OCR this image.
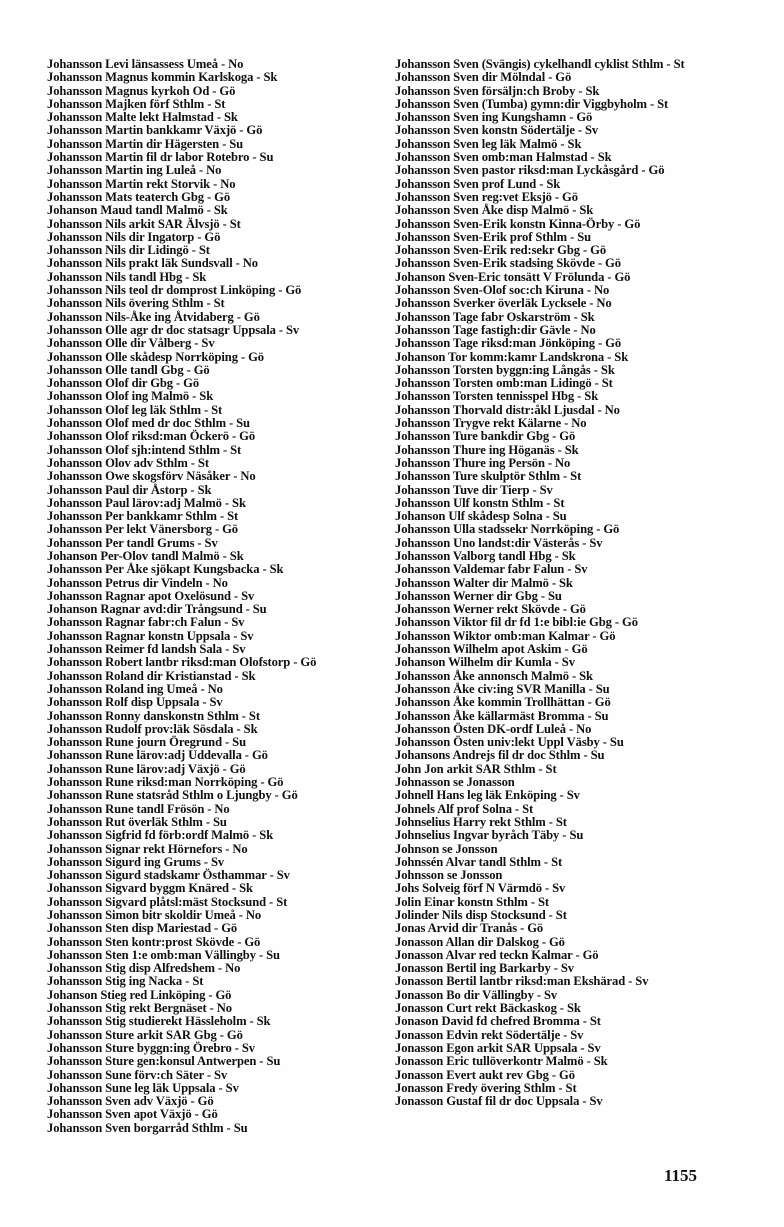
Johansson Levi länsassess Umeå - No
Johansson Magnus kommin Karlskoga - Sk
Johansson Magnus kyrkoh Od - Gö
Johansson Majken förf Sthlm - St
Johansson Malte lekt Halmstad - Sk
Johansson Martin bankkamr Växjö - Gö
Johansson Martin dir Hägersten - Su
Johansson Martin fil dr labor Rotebro - Su
Johansson Martin ing Luleå - No
Johansson Martin rekt Storvik - No
Johansson Mats teaterch Gbg - Gö
Johanson Maud tandl Malmö - Sk
Johansson Nils arkit SAR Älvsjö - St
Johansson Nils dir Ingatorp - Gö
Johansson Nils dir Lidingö - St
Johansson Nils prakt läk Sundsvall - No
Johansson Nils tandl Hbg - Sk
Johansson Nils teol dr domprost Linköping - Gö
Johansson Nils övering Sthlm - St
Johansson Nils-Åke ing Åtvidaberg - Gö
Johansson Olle agr dr doc statsagr Uppsala - Sv
Johansson Olle dir Vålberg - Sv
Johansson Olle skådesp Norrköping - Gö
Johansson Olle tandl Gbg - Gö
Johansson Olof dir Gbg - Gö
Johansson Olof ing Malmö - Sk
Johansson Olof leg läk Sthlm - St
Johansson Olof med dr doc Sthlm - Su
Johansson Olof riksd:man Öckerö - Gö
Johansson Olof sjh:intend Sthlm - St
Johansson Olov adv Sthlm - St
Johansson Owe skogsförv Näsåker - No
Johansson Paul dir Åstorp - Sk
Johansson Paul lärov:adj Malmö - Sk
Johansson Per bankkamr Sthlm - St
Johansson Per lekt Vänersborg - Gö
Johansson Per tandl Grums - Sv
Johanson Per-Olov tandl Malmö - Sk
Johansson Per Åke sjökapt Kungsbacka - Sk
Johansson Petrus dir Vindeln - No
Johansson Ragnar apot Oxelösund - Sv
Johanson Ragnar avd:dir Trångsund - Su
Johansson Ragnar fabr:ch Falun - Sv
Johansson Ragnar konstn Uppsala - Sv
Johansson Reimer fd landsh Sala - Sv
Johansson Robert lantbr riksd:man Olofstorp - Gö
Johansson Roland dir Kristianstad - Sk
Johansson Roland ing Umeå - No
Johansson Rolf disp Uppsala - Sv
Johansson Ronny danskonstn Sthlm - St
Johansson Rudolf prov:läk Sösdala - Sk
Johansson Rune journ Öregrund - Su
Johansson Rune lärov:adj Uddevalla - Gö
Johansson Rune lärov:adj Växjö - Gö
Johansson Rune riksd:man Norrköping - Gö
Johansson Rune statsråd Sthlm o Ljungby - Gö
Johansson Rune tandl Frösön - No
Johansson Rut överläk Sthlm - Su
Johansson Sigfrid fd förb:ordf Malmö - Sk
Johansson Signar rekt Hörnefors - No
Johansson Sigurd ing Grums - Sv
Johansson Sigurd stadskamr Östhammar - Sv
Johansson Sigvard byggm Knäred - Sk
Johansson Sigvard plåtsl:mäst Stocksund - St
Johansson Simon bitr skoldir Umeå - No
Johansson Sten disp Mariestad - Gö
Johansson Sten kontr:prost Skövde - Gö
Johansson Sten 1:e omb:man Vällingby - Su
Johansson Stig disp Alfredshem - No
Johansson Stig ing Nacka - St
Johanson Stieg red Linköping - Gö
Johansson Stig rekt Bergnäset - No
Johansson Stig studierekt Hässleholm - Sk
Johansson Sture arkit SAR Gbg - Gö
Johansson Sture byggn:ing Örebro - Sv
Johansson Sture gen:konsul Antwerpen - Su
Johansson Sune förv:ch Säter - Sv
Johansson Sune leg läk Uppsala - Sv
Johansson Sven adv Växjö - Gö
Johansson Sven apot Växjö - Gö
Johansson Sven borgarråd Sthlm - Su
Johansson Sven (Svängis) cykelhandl cyklist Sthlm - St
Johansson Sven dir Mölndal - Gö
Johansson Sven försäljn:ch Broby - Sk
Johansson Sven (Tumba) gymn:dir Viggbyholm - St
Johansson Sven ing Kungshamn - Gö
Johansson Sven konstn Södertälje - Sv
Johansson Sven leg läk Malmö - Sk
Johansson Sven omb:man Halmstad - Sk
Johansson Sven pastor riksd:man Lyckåsgård - Gö
Johansson Sven prof Lund - Sk
Johansson Sven reg:vet Eksjö - Gö
Johansson Sven Åke disp Malmö - Sk
Johansson Sven-Erik konstn Kinna-Örby - Gö
Johansson Sven-Erik prof Sthlm - Su
Johansson Sven-Erik red:sekr Gbg - Gö
Johansson Sven-Erik stadsing Skövde - Gö
Johanson Sven-Eric tonsätt V Frölunda - Gö
Johansson Sven-Olof soc:ch Kiruna - No
Johansson Sverker överläk Lycksele - No
Johansson Tage fabr Oskarström - Sk
Johansson Tage fastigh:dir Gävle - No
Johansson Tage riksd:man Jönköping - Gö
Johanson Tor komm:kamr Landskrona - Sk
Johansson Torsten byggn:ing Långås - Sk
Johansson Torsten omb:man Lidingö - St
Johansson Torsten tennisspel Hbg - Sk
Johansson Thorvald distr:åkl Ljusdal - No
Johansson Trygve rekt Kälarne - No
Johansson Ture bankdir Gbg - Gö
Johansson Thure ing Höganäs - Sk
Johansson Thure ing Persön - No
Johansson Ture skulptör Sthlm - St
Johansson Tuve dir Tierp - Sv
Johansson Ulf konstn Sthlm - St
Johanson Ulf skådesp Solna - Su
Johansson Ulla stadssekr Norrköping - Gö
Johansson Uno landst:dir Västerås - Sv
Johansson Valborg tandl Hbg - Sk
Johansson Valdemar fabr Falun - Sv
Johansson Walter dir Malmö - Sk
Johansson Werner dir Gbg - Su
Johansson Werner rekt Skövde - Gö
Johansson Viktor fil dr fd 1:e bibl:ie Gbg - Gö
Johansson Wiktor omb:man Kalmar - Gö
Johansson Wilhelm apot Askim - Gö
Johanson Wilhelm dir Kumla - Sv
Johansson Åke annonsch Malmö - Sk
Johansson Åke civ:ing SVR Manilla - Su
Johansson Åke kommin Trollhättan - Gö
Johansson Åke källarmäst Bromma - Su
Johansson Östen DK-ordf Luleå - No
Johansson Östen univ:lekt Uppl Väsby - Su
Johansons Andrejs fil dr doc Sthlm - Su
John Jon arkit SAR Sthlm - St
Johnasson se Jonasson
Johnell Hans leg läk Enköping - Sv
Johnels Alf prof Solna - St
Johnselius Harry rekt Sthlm - St
Johnselius Ingvar byråch Täby - Su
Johnson se Jonsson
Johnssén Alvar tandl Sthlm - St
Johnsson se Jonsson
Johs Solveig förf N Värmdö - Sv
Jolin Einar konstn Sthlm - St
Jolinder Nils disp Stocksund - St
Jonas Arvid dir Tranås - Gö
Jonasson Allan dir Dalskog - Gö
Jonasson Alvar red teckn Kalmar - Gö
Jonasson Bertil ing Barkarby - Sv
Jonasson Bertil lantbr riksd:man Ekshärad - Sv
Jonasson Bo dir Vällingby - Sv
Jonasson Curt rekt Bäckaskog - Sk
Jonason David fd chefred Bromma - St
Jonasson Edvin rekt Södertälje - Sv
Jonasson Egon arkit SAR Uppsala - Sv
Jonasson Eric tullöverkontr Malmö - Sk
Jonasson Evert aukt rev Gbg - Gö
Jonasson Fredy övering Sthlm - St
Jonasson Gustaf fil dr doc Uppsala - Sv
1155
